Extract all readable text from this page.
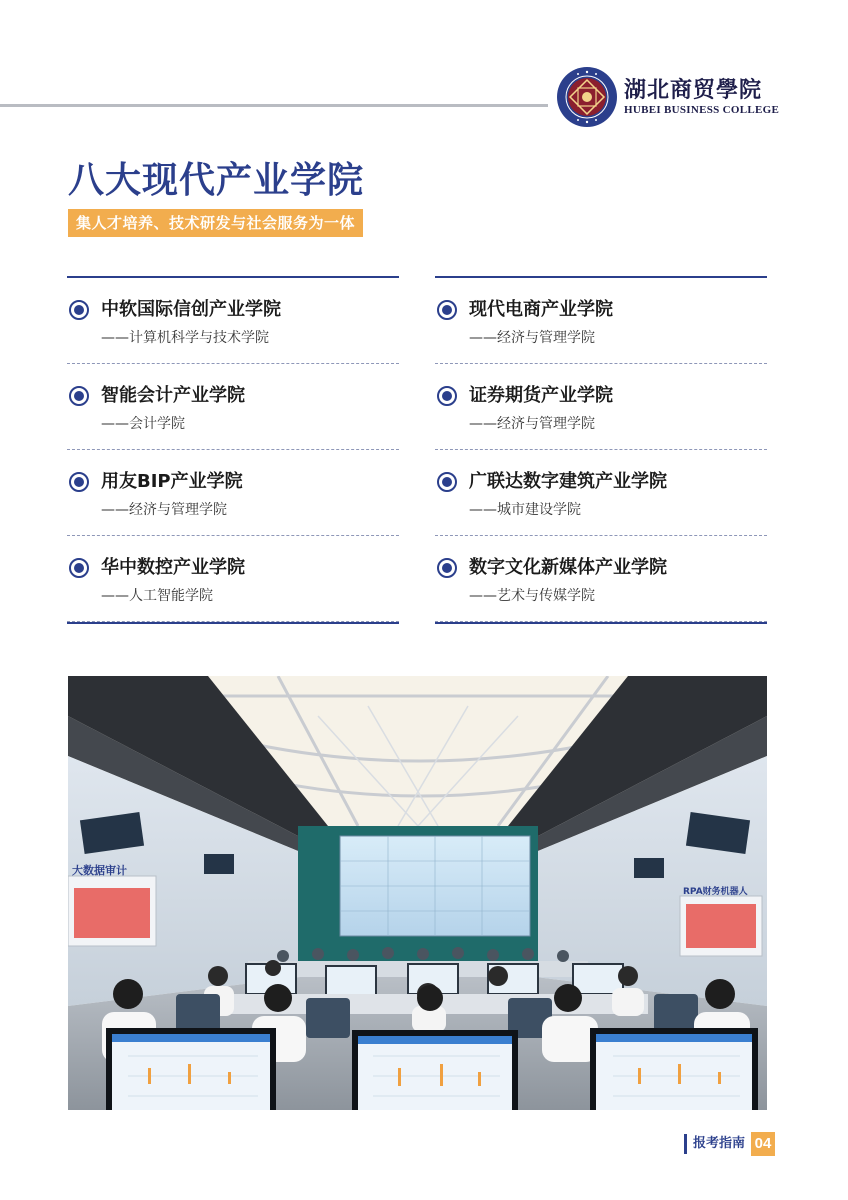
湖北商贸學院
HUBEI BUSINESS COLLEGE
八大现代产业学院
集人才培养、技术研发与社会服务为一体
中软国际信创产业学院
——计算机科学与技术学院
智能会计产业学院
——会计学院
用友BIP产业学院
——经济与管理学院
华中数控产业学院
——人工智能学院
现代电商产业学院
——经济与管理学院
证券期货产业学院
——经济与管理学院
广联达数字建筑产业学院
——城市建设学院
数字文化新媒体产业学院
——艺术与传媒学院
大数据审计
RPA财务机器人
报考指南 04
